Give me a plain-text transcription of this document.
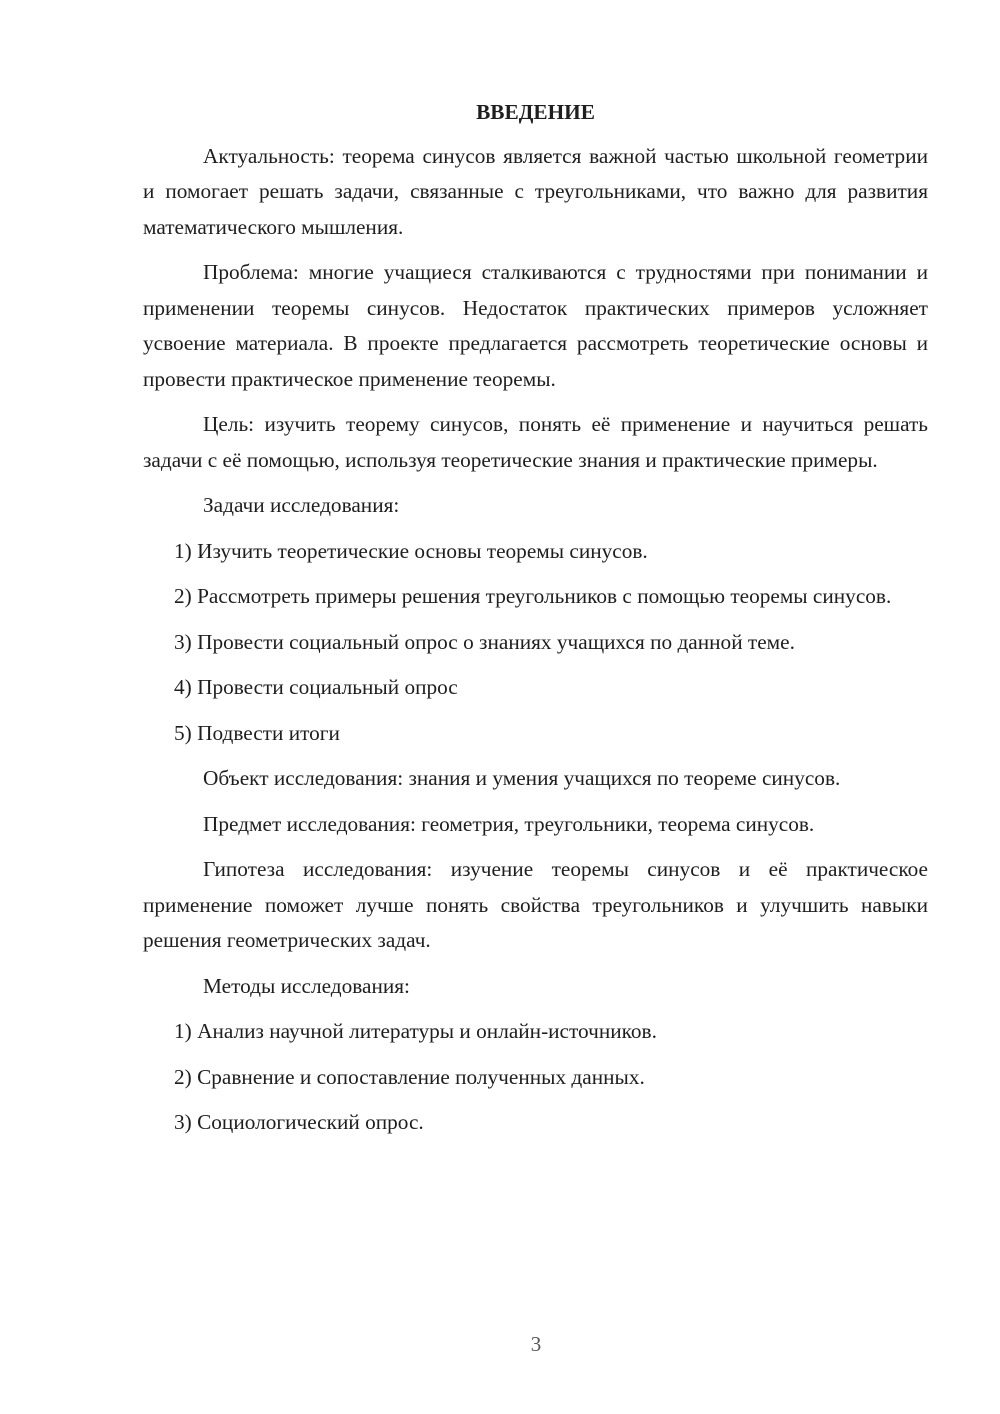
ВВЕДЕНИЕ

Актуальность: теорема синусов является важной частью школьной геометрии и помогает решать задачи, связанные с треугольниками, что важно для развития математического мышления.

Проблема: многие учащиеся сталкиваются с трудностями при понимании и применении теоремы синусов. Недостаток практических примеров усложняет усвоение материала. В проекте предлагается рассмотреть теоретические основы и провести практическое применение теоремы.

Цель: изучить теорему синусов, понять её применение и научиться решать задачи с её помощью, используя теоретические знания и практические примеры.

Задачи исследования:

1) Изучить теоретические основы теоремы синусов.

2) Рассмотреть примеры решения треугольников с помощью теоремы синусов.

3) Провести социальный опрос о знаниях учащихся по данной теме.

4) Провести социальный опрос

5) Подвести итоги

Объект исследования: знания и умения учащихся по теореме синусов.

Предмет исследования: геометрия, треугольники, теорема синусов.

Гипотеза исследования: изучение теоремы синусов и её практическое применение поможет лучше понять свойства треугольников и улучшить навыки решения геометрических задач.

Методы исследования:

1) Анализ научной литературы и онлайн-источников.

2) Сравнение и сопоставление полученных данных.

3) Социологический опрос.

3
